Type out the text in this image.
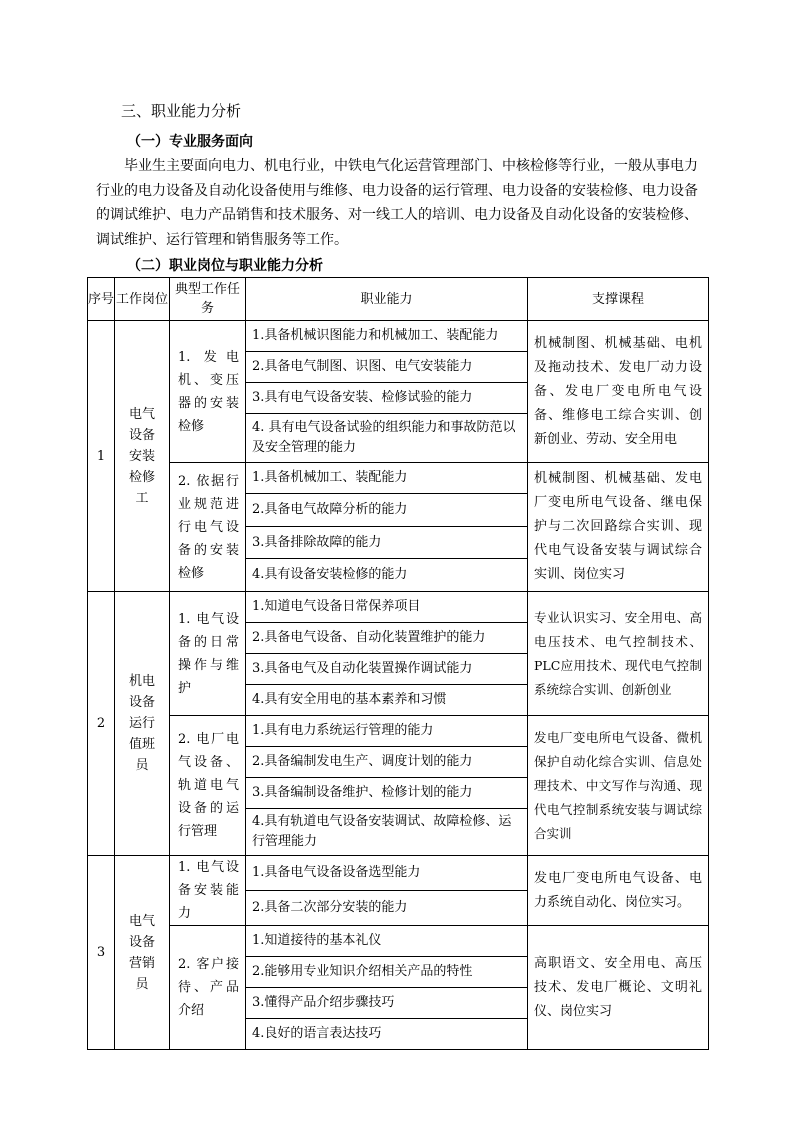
三、职业能力分析
（一）专业服务面向

毕业生主要面向电力、机电行业，中铁电气化运营管理部门、中核检修等行业，一般从事电力行业的电力设备及自动化设备使用与维修、电力设备的运行管理、电力设备的安装检修、电力设备的调试维护、电力产品销售和技术服务、对一线工人的培训、电力设备及自动化设备的安装检修、调试维护、运行管理和销售服务等工作。

（二）职业岗位与职业能力分析
序号	工作岗位	典型工作任务	职业能力	支撑课程
1	电气设备安装检修工	1. 发电机、变压器的安装检修	1.具备机械识图能力和机械加工、装配能力	机械制图、机械基础、电机及拖动技术、发电厂动力设备、发电厂变电所电气设备、维修电工综合实训、创新创业、劳动、安全用电
			2.具备电气制图、识图、电气安装能力	
			3.具有电气设备安装、检修试验的能力	
			4. 具有电气设备试验的组织能力和事故防范以及安全管理的能力	
		2. 依据行业规范进行电气设备的安装检修	1.具备机械加工、装配能力	机械制图、机械基础、发电厂变电所电气设备、继电保护与二次回路综合实训、现代电气设备安装与调试综合实训、岗位实习
			2.具备电气故障分析的能力	
			3.具备排除故障的能力	
			4.具有设备安装检修的能力	
2	机电设备运行值班员	1. 电气设备的日常操作与维护	1.知道电气设备日常保养项目	专业认识实习、安全用电、高电压技术、电气控制技术、PLC应用技术、现代电气控制系统综合实训、创新创业
			2.具备电气设备、自动化装置维护的能力	
			3.具备电气及自动化装置操作调试能力	
			4.具有安全用电的基本素养和习惯	
		2. 电厂电气设备、轨道电气设备的运行管理	1.具有电力系统运行管理的能力	发电厂变电所电气设备、微机保护自动化综合实训、信息处理技术、中文写作与沟通、现代电气控制系统安装与调试综合实训
			2.具备编制发电生产、调度计划的能力	
			3.具备编制设备维护、检修计划的能力	
			4.具有轨道电气设备安装调试、故障检修、运行管理能力	
3	电气设备营销员	1. 电气设备安装能力	1.具备电气设备设备选型能力	发电厂变电所电气设备、电力系统自动化、岗位实习。
			2.具备二次部分安装的能力	
		2. 客户接待、产品介绍	1.知道接待的基本礼仪	高职语文、安全用电、高压技术、发电厂概论、文明礼仪、岗位实习
			2.能够用专业知识介绍相关产品的特性	
			3.懂得产品介绍步骤技巧	
			4.良好的语言表达技巧	
